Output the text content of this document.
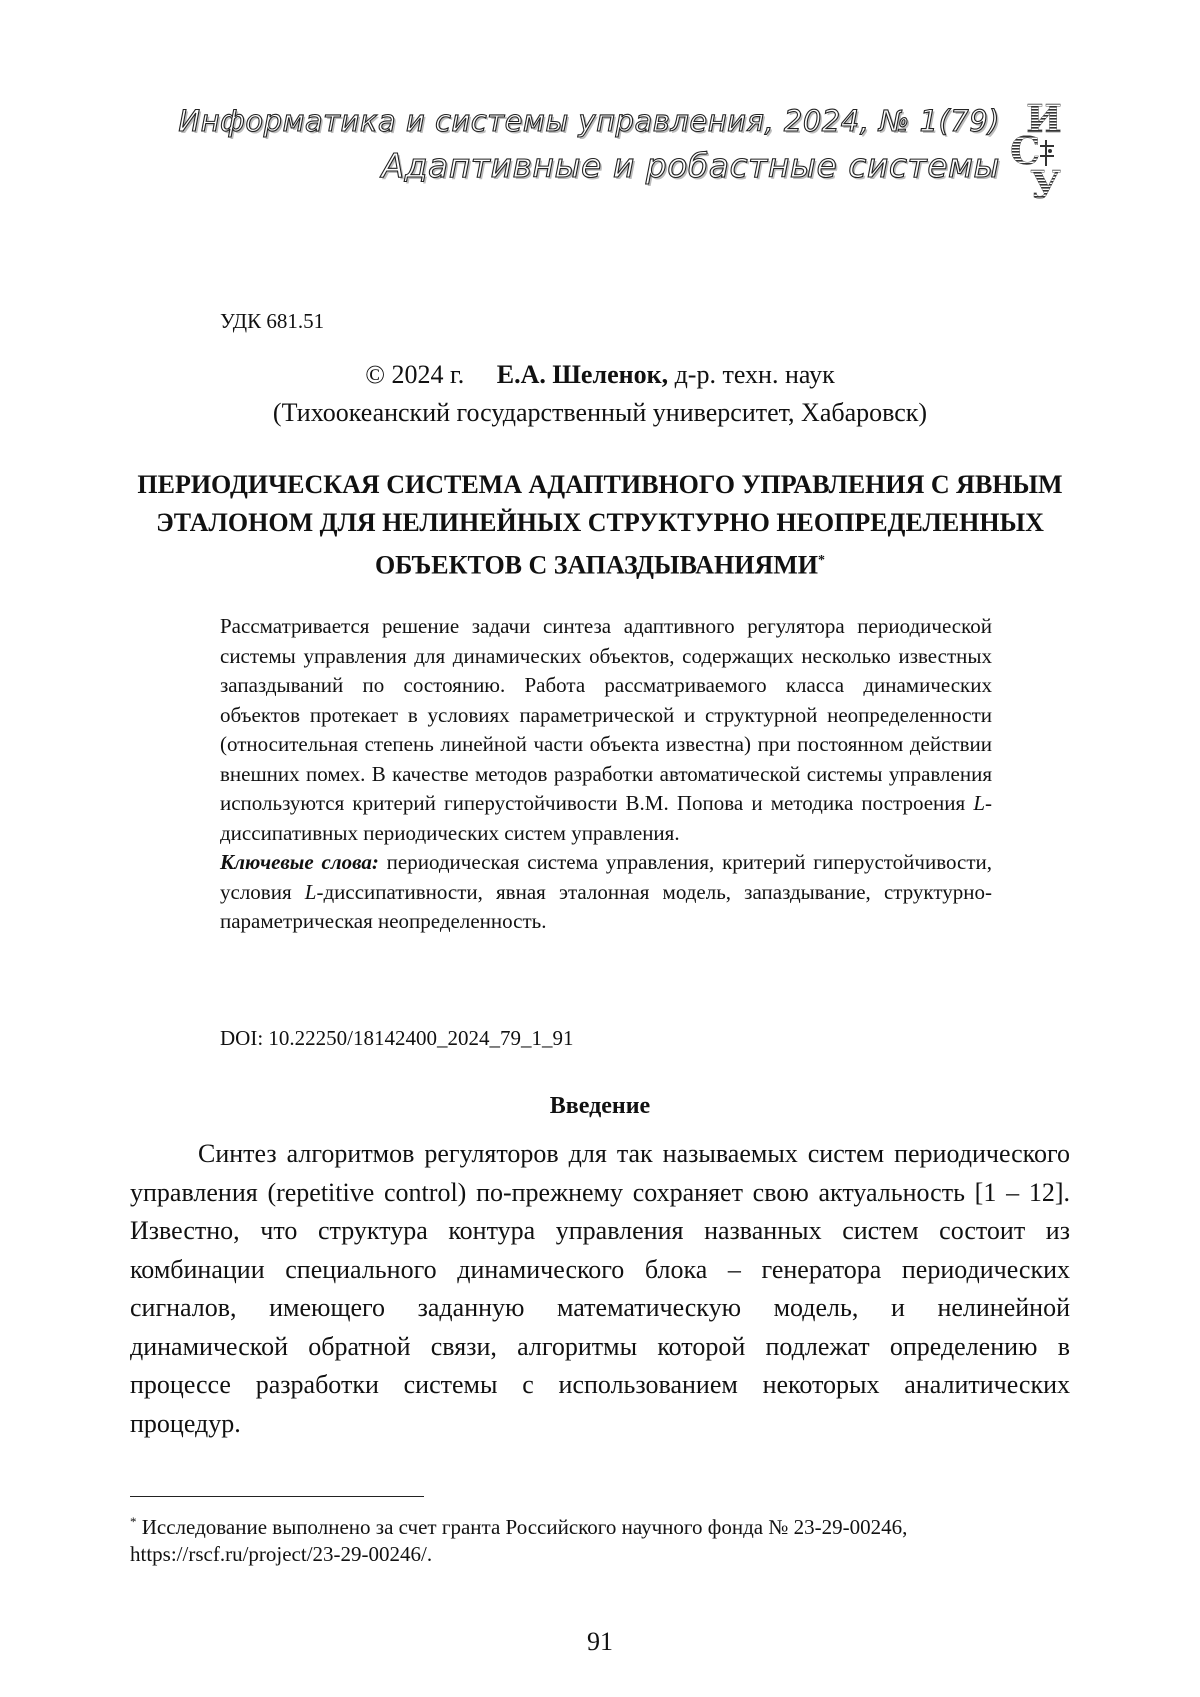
Информатика и системы управления, 2024, № 1(79)
Адаптивные и робастные системы
И
С
У
УДК 681.51
© 2024 г. Е.А. Шеленок, д-р. техн. наук
(Тихоокеанский государственный университет, Хабаровск)
ПЕРИОДИЧЕСКАЯ СИСТЕМА АДАПТИВНОГО УПРАВЛЕНИЯ С ЯВНЫМ ЭТАЛОНОМ ДЛЯ НЕЛИНЕЙНЫХ СТРУКТУРНО НЕОПРЕДЕЛЕННЫХ ОБЪЕКТОВ С ЗАПАЗДЫВАНИЯМИ*

Рассматривается решение задачи синтеза адаптивного регулятора периодической системы управления для динамических объектов, содержащих несколько известных запаздываний по состоянию. Работа рассматриваемого класса динамических объектов протекает в условиях параметрической и структурной неопределенности (относительная степень линейной части объекта известна) при постоянном действии внешних помех. В качестве методов разработки автоматической системы управления используются критерий гиперустойчивости В.М. Попова и методика построения L-диссипативных периодических систем управления.

Ключевые слова: периодическая система управления, критерий гиперустойчивости, условия L-диссипативности, явная эталонная модель, запаздывание, структурно-параметрическая неопределенность.

DOI: 10.22250/18142400_2024_79_1_91
Введение

Синтез алгоритмов регуляторов для так называемых систем периодического управления (repetitive control) по-прежнему сохраняет свою актуальность [1 – 12]. Известно, что структура контура управления названных систем состоит из комбинации специального динамического блока – генератора периодических сигналов, имеющего заданную математическую модель, и нелинейной динамической обратной связи, алгоритмы которой подлежат определению в процессе разработки системы с использованием некоторых аналитических процедур.

* Исследование выполнено за счет гранта Российского научного фонда № 23-29-00246, https://rscf.ru/project/23-29-00246/.
91
